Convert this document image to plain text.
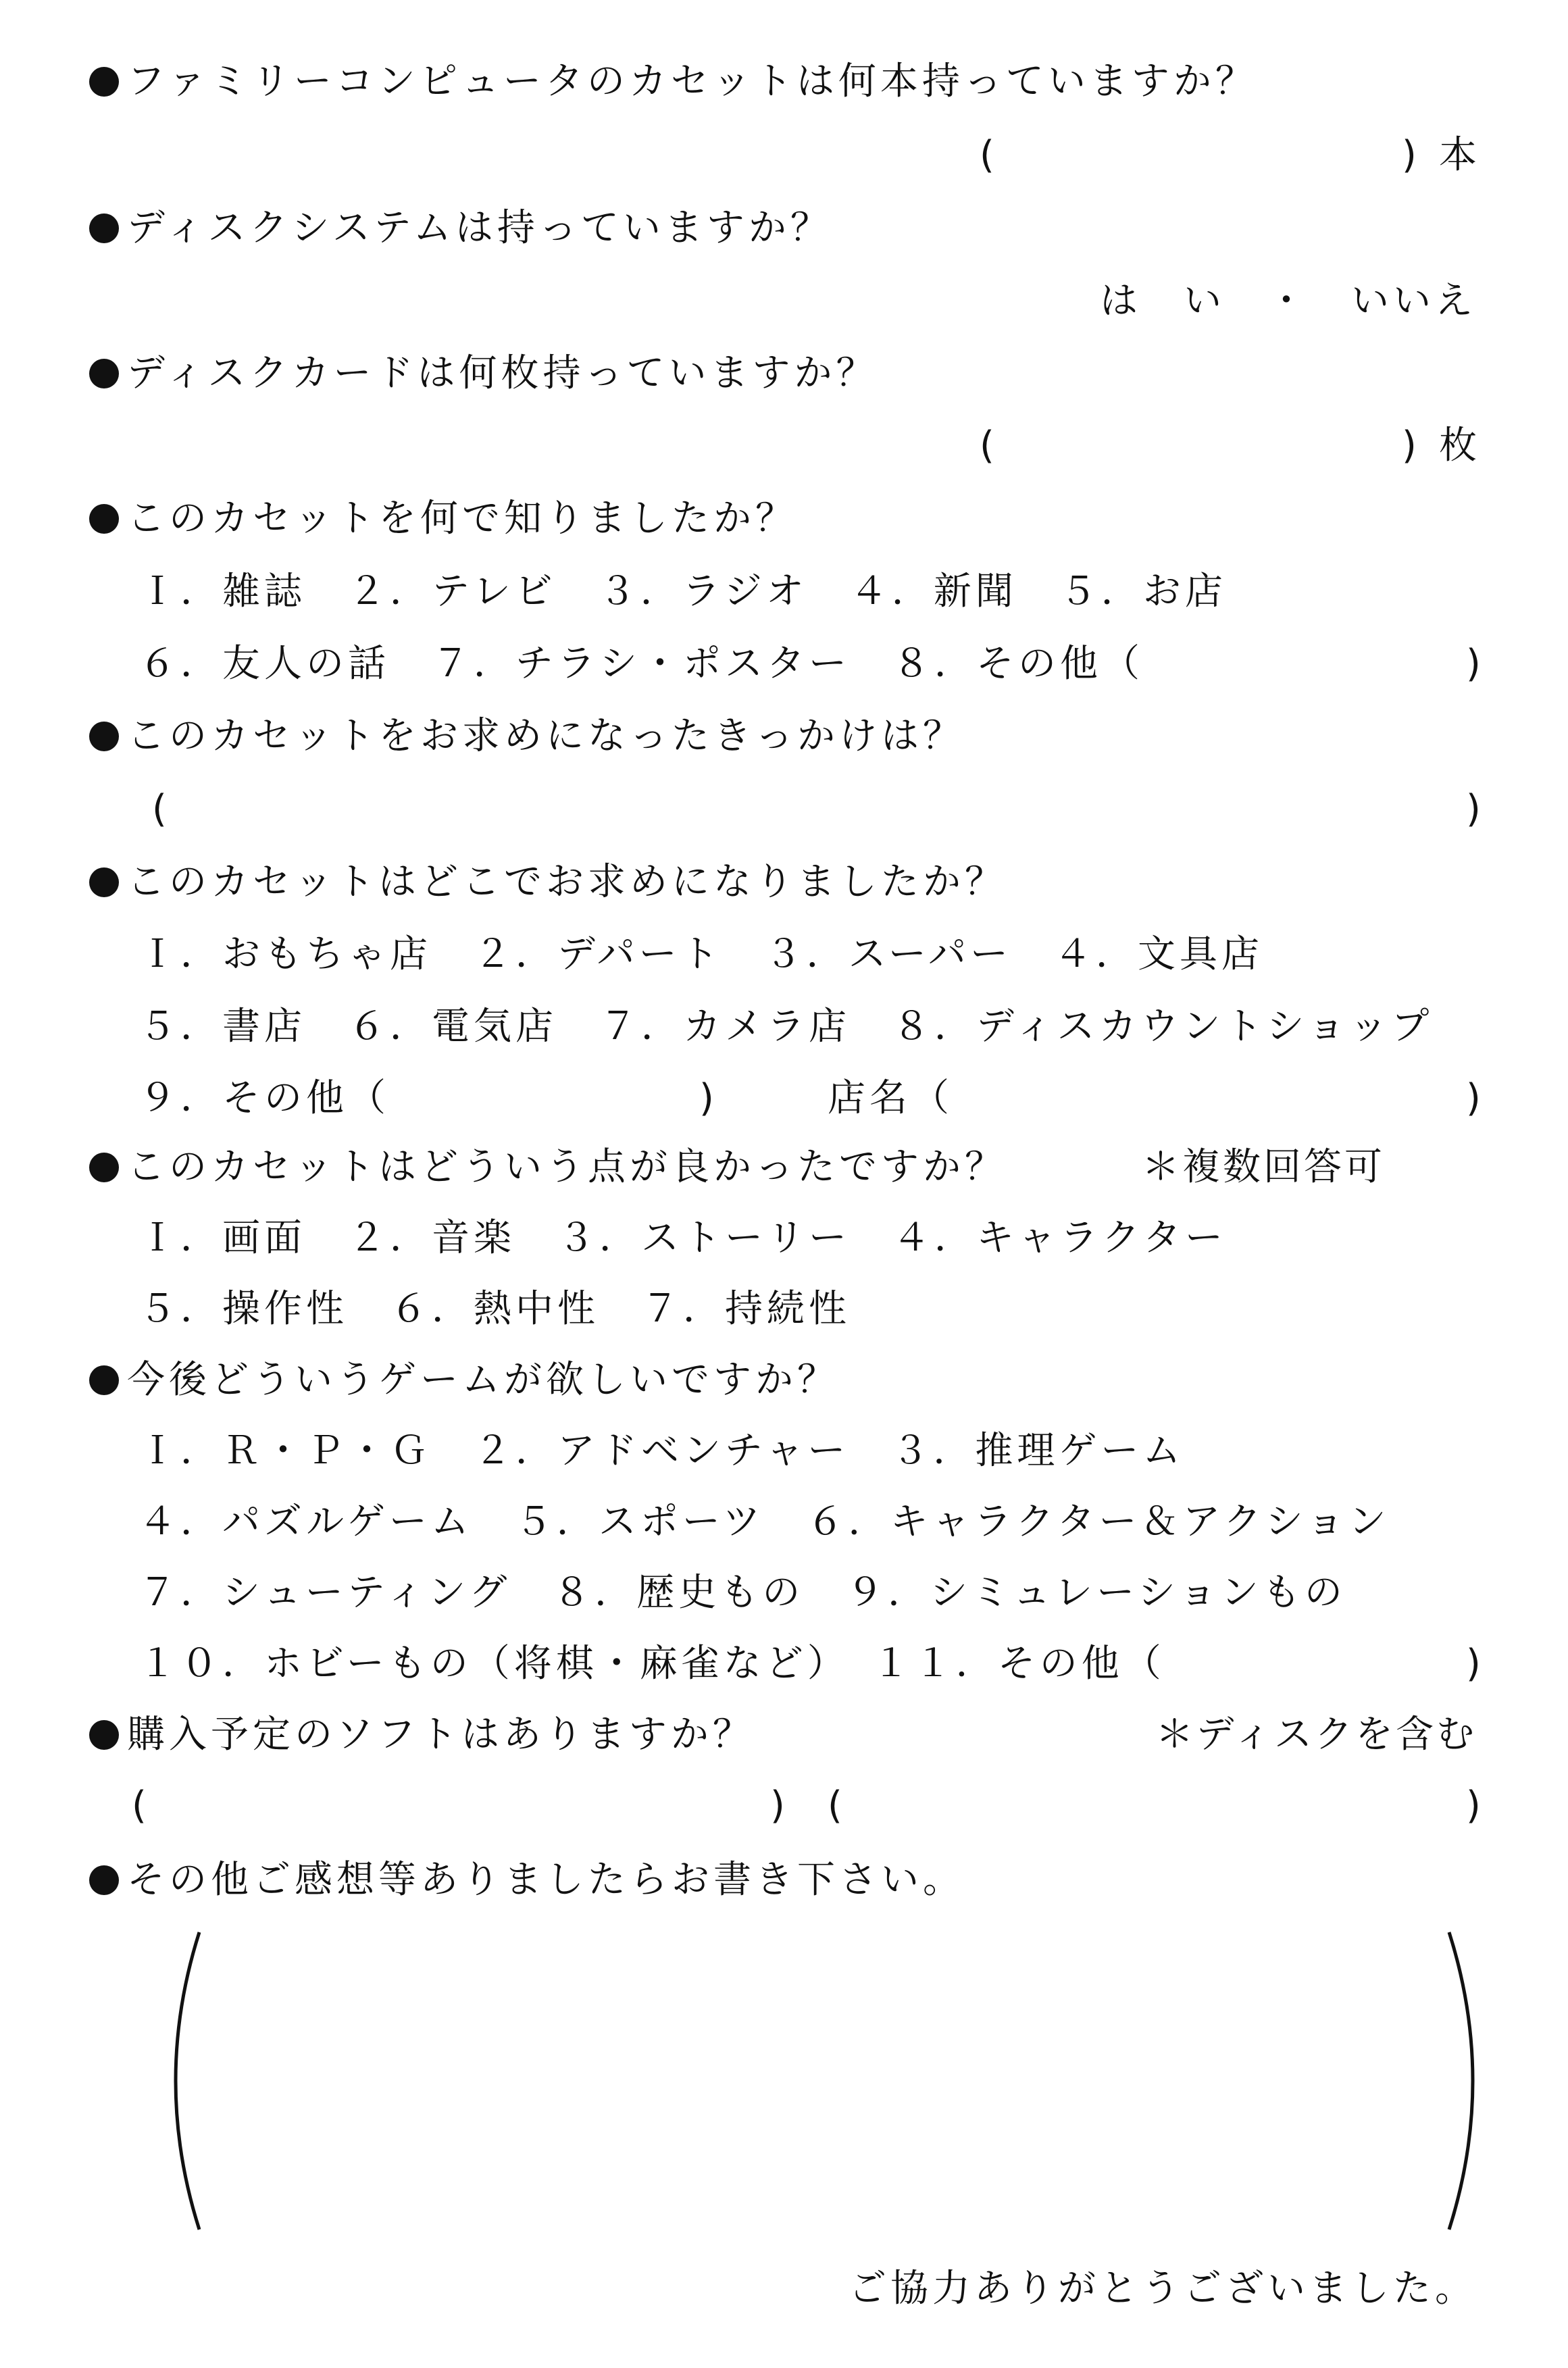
ファミリーコンピュータのカセットは何本持っていますか？
(	) 本
ディスクシステムは持っていますか？
は　い　・　いいえ
ディスクカードは何枚持っていますか？
(	) 枚
このカセットを何で知りましたか？
Ｉ．雑誌　２．テレビ　３．ラジオ　４．新聞　５．お店
６．友人の話　７．チラシ・ポスター　８．その他（	)
このカセットをお求めになったきっかけは？
(	)
このカセットはどこでお求めになりましたか？
Ｉ．おもちゃ店　２．デパート　３．スーパー　４．文具店
５．書店　６．電気店　７．カメラ店　８．ディスカウントショップ
９．その他（	)	店名（	)
このカセットはどういう点が良かったですか？	＊複数回答可
Ｉ．画面　２．音楽　３．ストーリー　４．キャラクター
５．操作性　６．熱中性　７．持続性
今後どういうゲームが欲しいですか？
Ｉ．Ｒ・Ｐ・Ｇ　２．アドベンチャー　３．推理ゲーム
４．パズルゲーム　５．スポーツ　６．キャラクター＆アクション
７．シューティング　８．歴史もの　９．シミュレーションもの
１０．ホビーもの（将棋・麻雀など）　１１．その他（	)
購入予定のソフトはありますか？	＊ディスクを含む
(	) (	)
その他ご感想等ありましたらお書き下さい。
ご協力ありがとうございました。
